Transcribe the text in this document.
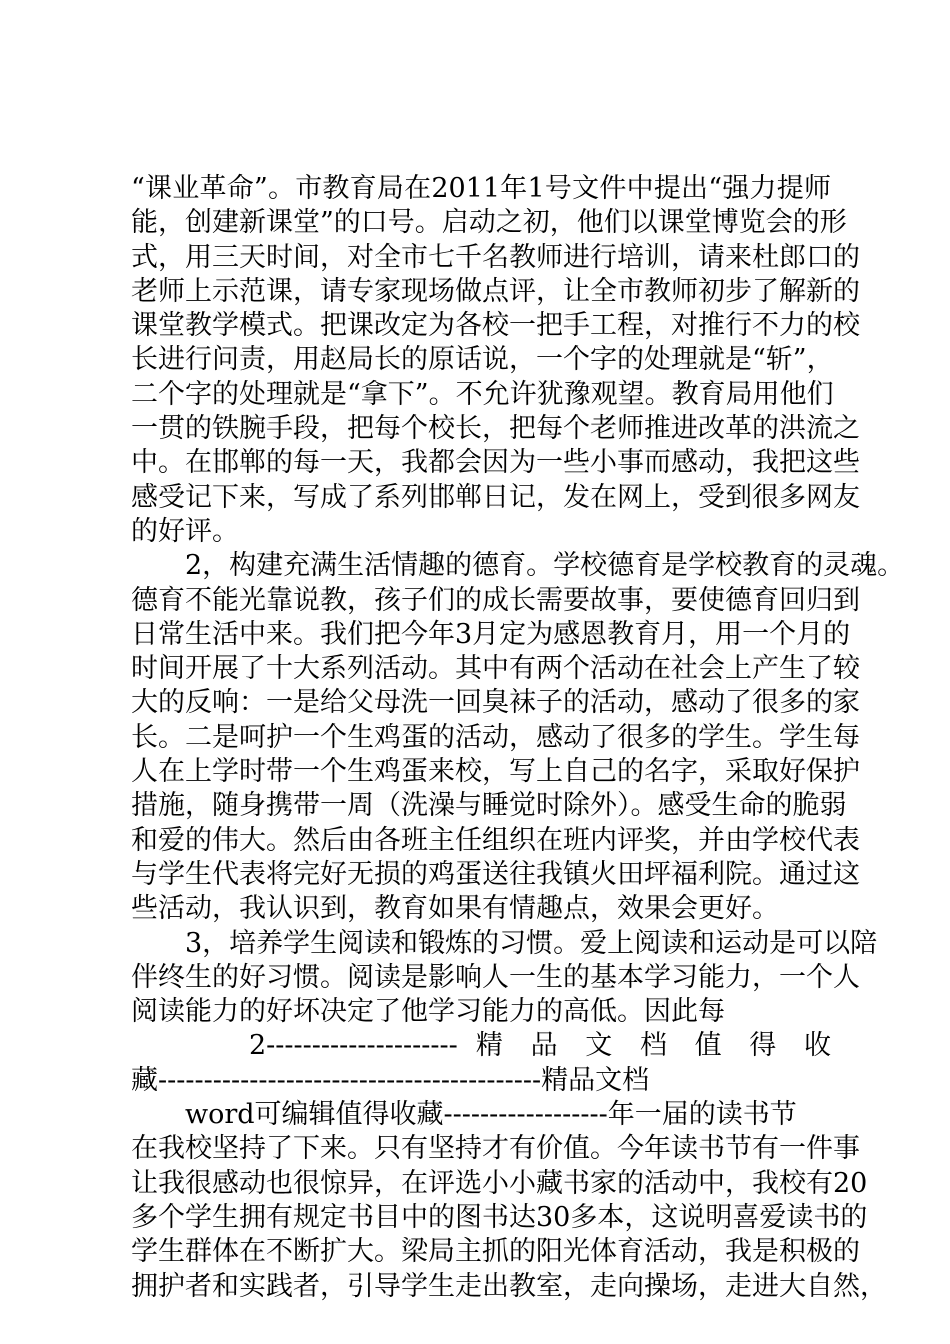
“课业革命”。市教育局在2011年1号文件中提出“强力提师
能，创建新课堂”的口号。启动之初，他们以课堂博览会的形
式，用三天时间，对全市七千名教师进行培训，请来杜郎口的
老师上示范课，请专家现场做点评，让全市教师初步了解新的
课堂教学模式。把课改定为各校一把手工程，对推行不力的校
长进行问责，用赵局长的原话说，一个字的处理就是“斩”，
二个字的处理就是“拿下”。不允许犹豫观望。教育局用他们
一贯的铁腕手段，把每个校长，把每个老师推进改革的洪流之
中。在邯郸的每一天，我都会因为一些小事而感动，我把这些
感受记下来，写成了系列邯郸日记，发在网上，受到很多网友
的好评。
2，构建充满生活情趣的德育。学校德育是学校教育的灵魂。
德育不能光靠说教，孩子们的成长需要故事，要使德育回归到
日常生活中来。我们把今年3月定为感恩教育月，用一个月的
时间开展了十大系列活动。其中有两个活动在社会上产生了较
大的反响：一是给父母洗一回臭袜子的活动，感动了很多的家
长。二是呵护一个生鸡蛋的活动，感动了很多的学生。学生每
人在上学时带一个生鸡蛋来校，写上自己的名字，采取好保护
措施，随身携带一周（洗澡与睡觉时除外）。感受生命的脆弱
和爱的伟大。然后由各班主任组织在班内评奖，并由学校代表
与学生代表将完好无损的鸡蛋送往我镇火田坪福利院。通过这
些活动，我认识到，教育如果有情趣点，效果会更好。
3，培养学生阅读和锻炼的习惯。爱上阅读和运动是可以陪
伴终生的好习惯。阅读是影响人一生的基本学习能力，一个人
阅读能力的好坏决定了他学习能力的高低。因此每
2--------------------- 精 品 文 档 值 得 收
藏------------------------------------------精品文档
word可编辑值得收藏------------------年一届的读书节
在我校坚持了下来。只有坚持才有价值。今年读书节有一件事
让我很感动也很惊异，在评选小小藏书家的活动中，我校有20
多个学生拥有规定书目中的图书达30多本，这说明喜爱读书的
学生群体在不断扩大。梁局主抓的阳光体育活动，我是积极的
拥护者和实践者，引导学生走出教室，走向操场，走进大自然，
